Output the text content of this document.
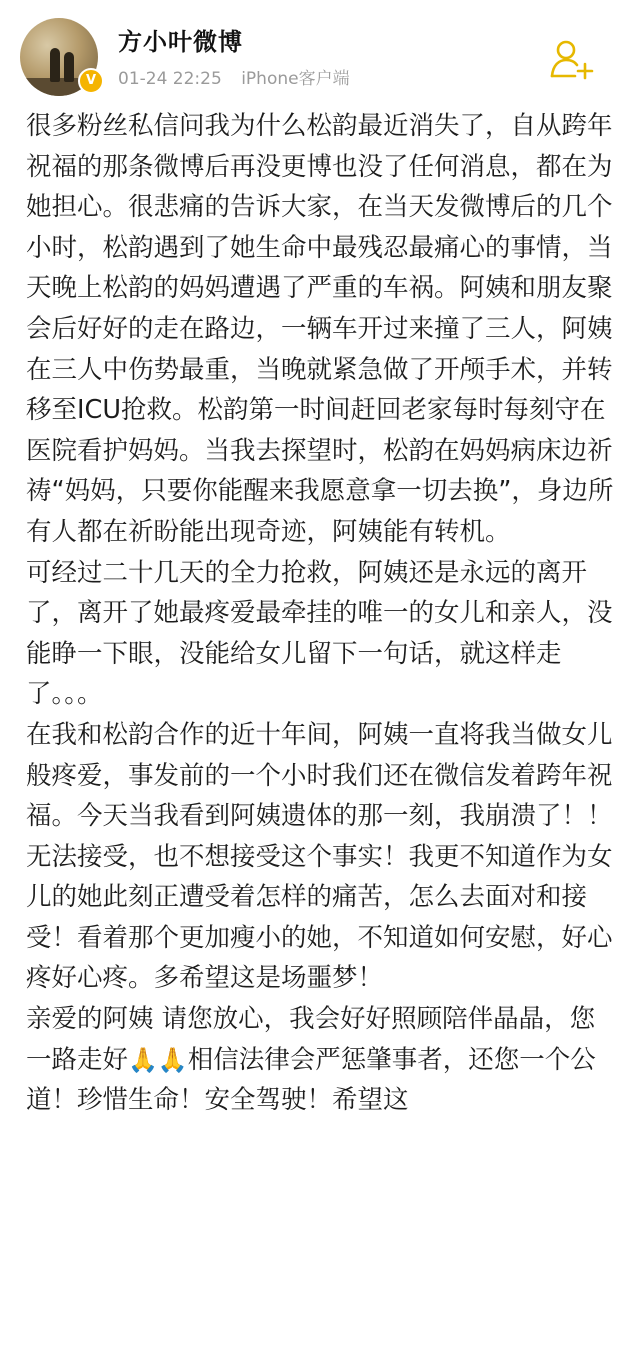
V
方小叶微博
01-24 22:25 iPhone客户端

很多粉丝私信问我为什么松韵最近消失了，自从跨年祝福的那条微博后再没更博也没了任何消息，都在为她担心。很悲痛的告诉大家，在当天发微博后的几个小时，松韵遇到了她生命中最残忍最痛心的事情，当天晚上松韵的妈妈遭遇了严重的车祸。阿姨和朋友聚会后好好的走在路边，一辆车开过来撞了三人，阿姨在三人中伤势最重，当晚就紧急做了开颅手术，并转移至ICU抢救。松韵第一时间赶回老家每时每刻守在医院看护妈妈。当我去探望时，松韵在妈妈病床边祈祷“妈妈，只要你能醒来我愿意拿一切去换”，身边所有人都在祈盼能出现奇迹，阿姨能有转机。

可经过二十几天的全力抢救，阿姨还是永远的离开了，离开了她最疼爱最牵挂的唯一的女儿和亲人，没能睁一下眼，没能给女儿留下一句话，就这样走了。。。

在我和松韵合作的近十年间，阿姨一直将我当做女儿般疼爱，事发前的一个小时我们还在微信发着跨年祝福。今天当我看到阿姨遗体的那一刻，我崩溃了！！无法接受，也不想接受这个事实！我更不知道作为女儿的她此刻正遭受着怎样的痛苦，怎么去面对和接受！看着那个更加瘦小的她，不知道如何安慰，好心疼好心疼。多希望这是场噩梦！

亲爱的阿姨 请您放心，我会好好照顾陪伴晶晶，您一路走好🙏🙏相信法律会严惩肇事者，还您一个公道！珍惜生命！安全驾驶！希望这
